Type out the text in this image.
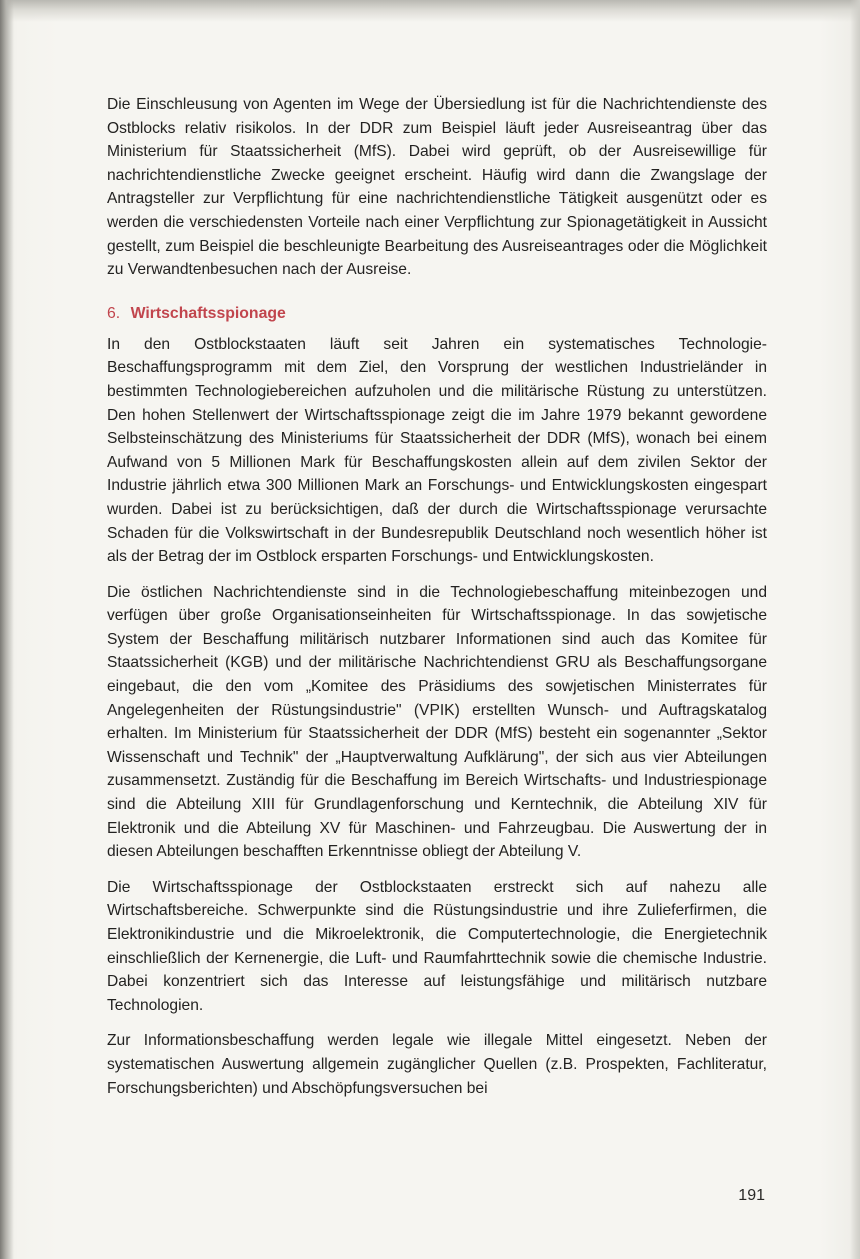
Die Einschleusung von Agenten im Wege der Übersiedlung ist für die Nachrichtendienste des Ostblocks relativ risikolos. In der DDR zum Beispiel läuft jeder Ausreiseantrag über das Ministerium für Staatssicherheit (MfS). Dabei wird geprüft, ob der Ausreisewillige für nachrichtendienstliche Zwecke geeignet erscheint. Häufig wird dann die Zwangslage der Antragsteller zur Verpflichtung für eine nachrichtendienstliche Tätigkeit ausgenützt oder es werden die verschiedensten Vorteile nach einer Verpflichtung zur Spionagetätigkeit in Aussicht gestellt, zum Beispiel die beschleunigte Bearbeitung des Ausreiseantrages oder die Möglichkeit zu Verwandtenbesuchen nach der Ausreise.

6. Wirtschaftsspionage

In den Ostblockstaaten läuft seit Jahren ein systematisches Technologie-Beschaffungsprogramm mit dem Ziel, den Vorsprung der westlichen Industrieländer in bestimmten Technologiebereichen aufzuholen und die militärische Rüstung zu unterstützen. Den hohen Stellenwert der Wirtschaftsspionage zeigt die im Jahre 1979 bekannt gewordene Selbsteinschätzung des Ministeriums für Staatssicherheit der DDR (MfS), wonach bei einem Aufwand von 5 Millionen Mark für Beschaffungskosten allein auf dem zivilen Sektor der Industrie jährlich etwa 300 Millionen Mark an Forschungs- und Entwicklungskosten eingespart wurden. Dabei ist zu berücksichtigen, daß der durch die Wirtschaftsspionage verursachte Schaden für die Volkswirtschaft in der Bundesrepublik Deutschland noch wesentlich höher ist als der Betrag der im Ostblock ersparten Forschungs- und Entwicklungskosten.

Die östlichen Nachrichtendienste sind in die Technologiebeschaffung miteinbezogen und verfügen über große Organisationseinheiten für Wirtschaftsspionage. In das sowjetische System der Beschaffung militärisch nutzbarer Informationen sind auch das Komitee für Staatssicherheit (KGB) und der militärische Nachrichtendienst GRU als Beschaffungsorgane eingebaut, die den vom „Komitee des Präsidiums des sowjetischen Ministerrates für Angelegenheiten der Rüstungsindustrie" (VPIK) erstellten Wunsch- und Auftragskatalog erhalten. Im Ministerium für Staatssicherheit der DDR (MfS) besteht ein sogenannter „Sektor Wissenschaft und Technik" der „Hauptverwaltung Aufklärung", der sich aus vier Abteilungen zusammensetzt. Zuständig für die Beschaffung im Bereich Wirtschafts- und Industriespionage sind die Abteilung XIII für Grundlagenforschung und Kerntechnik, die Abteilung XIV für Elektronik und die Abteilung XV für Maschinen- und Fahrzeugbau. Die Auswertung der in diesen Abteilungen beschafften Erkenntnisse obliegt der Abteilung V.

Die Wirtschaftsspionage der Ostblockstaaten erstreckt sich auf nahezu alle Wirtschaftsbereiche. Schwerpunkte sind die Rüstungsindustrie und ihre Zulieferfirmen, die Elektronikindustrie und die Mikroelektronik, die Computertechnologie, die Energietechnik einschließlich der Kernenergie, die Luft- und Raumfahrttechnik sowie die chemische Industrie. Dabei konzentriert sich das Interesse auf leistungsfähige und militärisch nutzbare Technologien.

Zur Informationsbeschaffung werden legale wie illegale Mittel eingesetzt. Neben der systematischen Auswertung allgemein zugänglicher Quellen (z.B. Prospekten, Fachliteratur, Forschungsberichten) und Abschöpfungsversuchen bei

191
